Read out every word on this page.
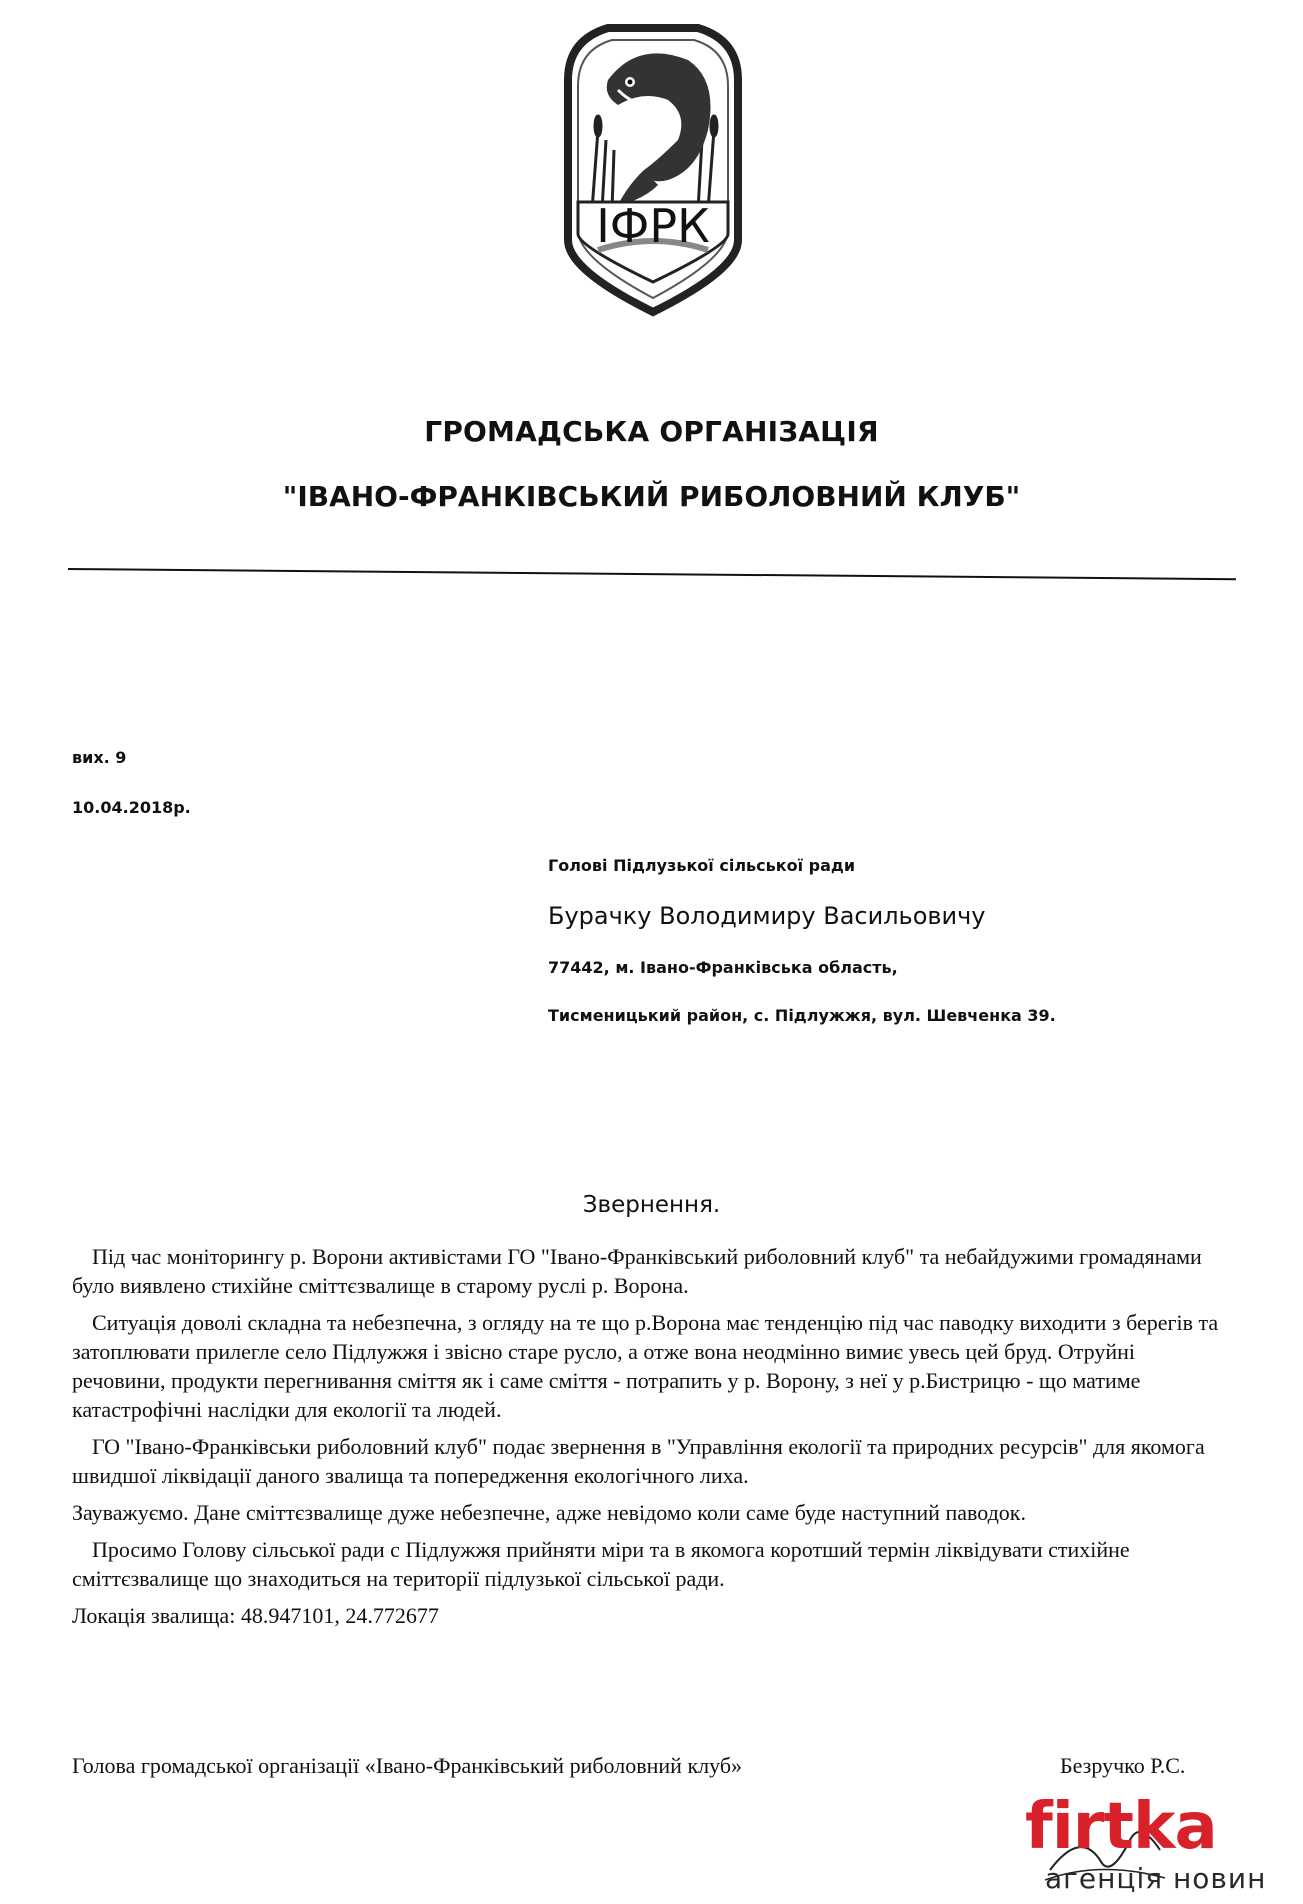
ІФРК
ГРОМАДСЬКА ОРГАНІЗАЦІЯ
"ІВАНО-ФРАНКІВСЬКИЙ РИБОЛОВНИЙ КЛУБ"
вих. 9
10.04.2018р.
Голові Підлузької сільської ради
Бурачку Володимиру Васильовичу
77442, м. Івано-Франківська область,
Тисменицький район, с. Підлужжя, вул. Шевченка 39.
Звернення.

Під час моніторингу р. Ворони активістами ГО "Івано-Франківський риболовний клуб" та небайдужими громадянами було виявлено стихійне сміттєзвалище в старому руслі р. Ворона.

Ситуація доволі складна та небезпечна, з огляду на те що р.Ворона має тенденцію під час паводку виходити з берегів та затоплювати прилегле село Підлужжя і звісно старе русло, а отже вона неодмінно вимиє увесь цей бруд. Отруйні речовини, продукти перегнивання сміття як і саме сміття - потрапить у р. Ворону, з неї у р.Бистрицю - що матиме катастрофічні наслідки для екології та людей.

ГО "Івано-Франківськи риболовний клуб" подає звернення в "Управління екології та природних ресурсів" для якомога швидшої ліквідації даного звалища та попередження екологічного лиха.

Зауважуємо. Дане сміттєзвалище дуже небезпечне, адже невідомо коли саме буде наступний паводок.

Просимо Голову сільської ради с Підлужжя прийняти міри та в якомога коротший термін ліквідувати стихійне сміттєзвалище що знаходиться на території підлузької сільської ради.

Локація звалища: 48.947101, 24.772677

Голова громадської організації «Івано-Франківський риболовний клуб»	Безручко Р.С.
firtka
агенція новин
